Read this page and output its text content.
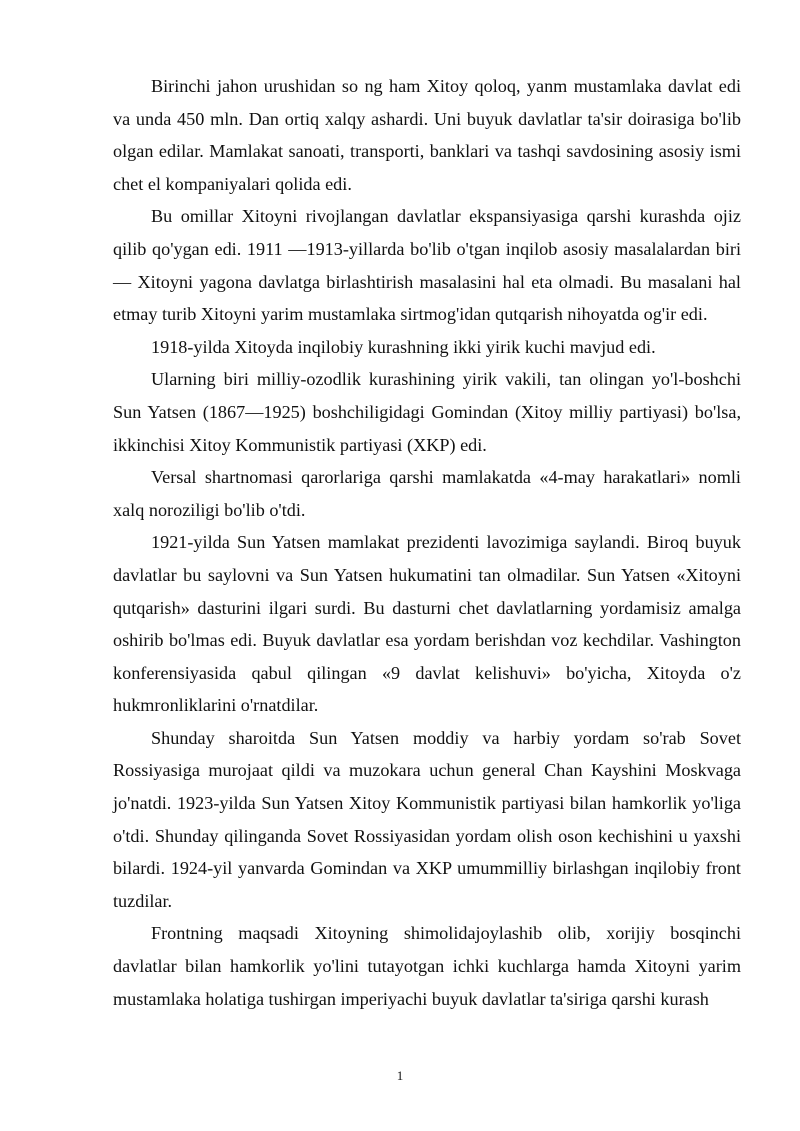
Birinchi jahon urushidan so ng ham Xitoy qoloq, yanm mustamlaka davlat edi va unda 450 mln. Dan ortiq xalqy ashardi. Uni buyuk davlatlar ta'sir doirasiga bo'lib olgan edilar. Mamlakat sanoati, transporti, banklari va tashqi savdosining asosiy ismi chet el kompaniyalari qolida edi.

Bu omillar Xitoyni rivojlangan davlatlar ekspansiyasiga qarshi kurashda ojiz qilib qo'ygan edi. 1911 —1913-yillarda bo'lib o'tgan inqilob asosiy masalalardan biri — Xitoyni yagona davlatga birlashtirish masalasini hal eta olmadi. Bu masalani hal etmay turib Xitoyni yarim mustamlaka sirtmog'idan qutqarish nihoyatda og'ir edi.

1918-yilda Xitoyda inqilobiy kurashning ikki yirik kuchi mavjud edi.

Ularning biri milliy-ozodlik kurashining yirik vakili, tan olingan yo'l-boshchi Sun Yatsen (1867—1925) boshchiligidagi Gomindan (Xitoy milliy partiyasi) bo'lsa, ikkinchisi Xitoy Kommunistik partiyasi (XKP) edi.

Versal shartnomasi qarorlariga qarshi mamlakatda «4-may harakatlari» nomli xalq noroziligi bo'lib o'tdi.

1921-yilda Sun Yatsen mamlakat prezidenti lavozimiga saylandi. Biroq buyuk davlatlar bu saylovni va Sun Yatsen hukumatini tan olmadilar. Sun Yatsen «Xitoyni qutqarish» dasturini ilgari surdi. Bu dasturni chet davlatlarning yordamisiz amalga oshirib bo'lmas edi. Buyuk davlatlar esa yordam berishdan voz kechdilar. Vashington konferensiyasida qabul qilingan «9 davlat kelishuvi» bo'yicha, Xitoyda o'z hukmronliklarini o'rnatdilar.

Shunday sharoitda Sun Yatsen moddiy va harbiy yordam so'rab Sovet Rossiyasiga murojaat qildi va muzokara uchun general Chan Kayshini Moskvaga jo'natdi. 1923-yilda Sun Yatsen Xitoy Kommunistik partiyasi bilan hamkorlik yo'liga o'tdi. Shunday qilinganda Sovet Rossiyasidan yordam olish oson kechishini u yaxshi bilardi. 1924-yil yanvarda Gomindan va XKP umummilliy birlashgan inqilobiy front tuzdilar.

Frontning maqsadi Xitoyning shimolidajoylashib olib, xorijiy bosqinchi davlatlar bilan hamkorlik yo'lini tutayotgan ichki kuchlarga hamda Xitoyni yarim mustamlaka holatiga tushirgan imperiyachi buyuk davlatlar ta'siriga qarshi kurash

1
